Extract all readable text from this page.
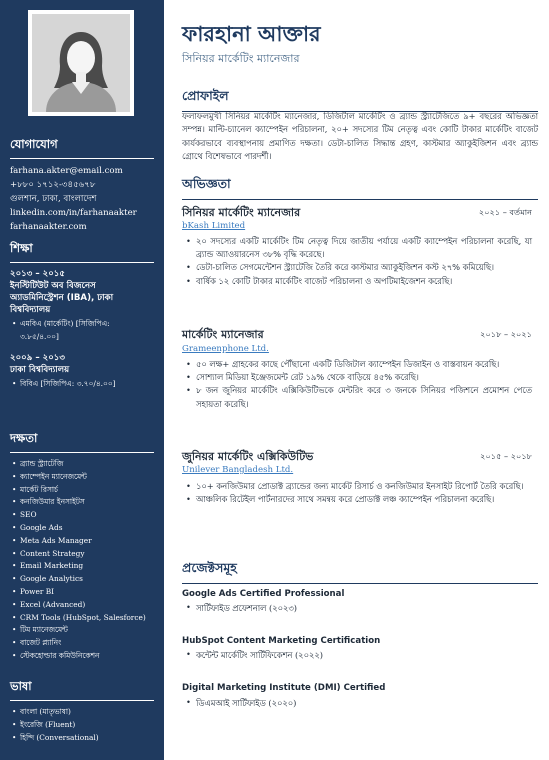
যোগাযোগ
farhana.akter@email.com
+৮৮০ ১৭১২-৩৪৫৬৭৮
গুলশান, ঢাকা, বাংলাদেশ
linkedin.com/in/farhanaakter
farhanaakter.com
শিক্ষা
২০১৩ – ২০১৫
ইনস্টিটিউট অব বিজনেস
অ্যাডমিনিস্ট্রেশন (IBA), ঢাকা
বিশ্ববিদ্যালয়
• এমবিএ (মার্কেটিং) [সিজিপিএ:
৩.৮৫/৪.০০]
২০০৯ – ২০১৩
ঢাকা বিশ্ববিদ্যালয়
• বিবিএ [সিজিপিএ: ৩.৭০/৪.০০]
দক্ষতা
• ব্র্যান্ড স্ট্র্যাটেজি
• ক্যাম্পেইন ম্যানেজমেন্ট
• মার্কেট রিসার্চ
• কনজিউমার ইনসাইটস
• SEO
• Google Ads
• Meta Ads Manager
• Content Strategy
• Email Marketing
• Google Analytics
• Power BI
• Excel (Advanced)
• CRM Tools (HubSpot, Salesforce)
• টিম ম্যানেজমেন্ট
• বাজেট প্ল্যানিং
• স্টেকহোল্ডার কমিউনিকেশন
ভাষা
• বাংলা (মাতৃভাষা)
• ইংরেজি (Fluent)
• হিন্দি (Conversational)
ফারহানা আক্তার
সিনিয়র মার্কেটিং ম্যানেজার
প্রোফাইল
ফলাফলমুখী সিনিয়র মার্কেটিং ম্যানেজার, ডিজিটাল মার্কেটিং ও ব্র্যান্ড স্ট্র্যাটেজিতে ৯+ বছরের অভিজ্ঞতা সম্পন্ন। মাল্টি-চ্যানেল ক্যাম্পেইন পরিচালনা, ২০+ সদস্যের টিম নেতৃত্ব এবং কোটি টাকার মার্কেটিং বাজেট কার্যকরভাবে ব্যবস্থাপনায় প্রমাণিত দক্ষতা। ডেটা-চালিত সিদ্ধান্ত গ্রহণ, কাস্টমার অ্যাকুইজিশন এবং ব্র্যান্ড গ্রোথে বিশেষভাবে পারদর্শী।
অভিজ্ঞতা
সিনিয়র মার্কেটিং ম্যানেজার	২০২১ – বর্তমান
bKash Limited
• ২০ সদস্যের একটি মার্কেটিং টিম নেতৃত্ব দিয়ে জাতীয় পর্যায়ে একটি ক্যাম্পেইন পরিচালনা করেছি, যা ব্র্যান্ড অ্যাওয়ারনেস ৩৮% বৃদ্ধি করেছে।
• ডেটা-চালিত সেগমেন্টেশন স্ট্র্যাটেজি তৈরি করে কাস্টমার অ্যাকুইজিশন কস্ট ২৭% কমিয়েছি।
• বার্ষিক ১২ কোটি টাকার মার্কেটিং বাজেট পরিচালনা ও অপটিমাইজেশন করেছি।
মার্কেটিং ম্যানেজার	২০১৮ – ২০২১
Grameenphone Ltd.
• ৫০ লক্ষ+ গ্রাহকের কাছে পৌঁছানো একটি ডিজিটাল ক্যাম্পেইন ডিজাইন ও বাস্তবায়ন করেছি।
• সোশ্যাল মিডিয়া ইঞ্জেজমেন্ট রেট ১৯% থেকে বাড়িয়ে ৪৫% করেছি।
• ৮ জন জুনিয়র মার্কেটিং এক্সিকিউটিভকে মেন্টরিং করে ৩ জনকে সিনিয়র পজিশনে প্রমোশন পেতে সহায়তা করেছি।
জুনিয়র মার্কেটিং এক্সিকিউটিভ	২০১৫ – ২০১৮
Unilever Bangladesh Ltd.
• ১০+ কনজিউমার প্রোডাক্ট ব্র্যান্ডের জন্য মার্কেট রিসার্চ ও কনজিউমার ইনসাইট রিপোর্ট তৈরি করেছি।
• আঞ্চলিক রিটেইল পার্টনারদের সাথে সমন্বয় করে প্রোডাক্ট লঞ্চ ক্যাম্পেইন পরিচালনা করেছি।
প্রজেক্টসমূহ
Google Ads Certified Professional
• সার্টিফাইড প্রফেশনাল (২০২৩)
HubSpot Content Marketing Certification
• কন্টেন্ট মার্কেটিং সার্টিফিকেশন (২০২২)
Digital Marketing Institute (DMI) Certified
• ডিএমআই সার্টিফাইড (২০২০)
